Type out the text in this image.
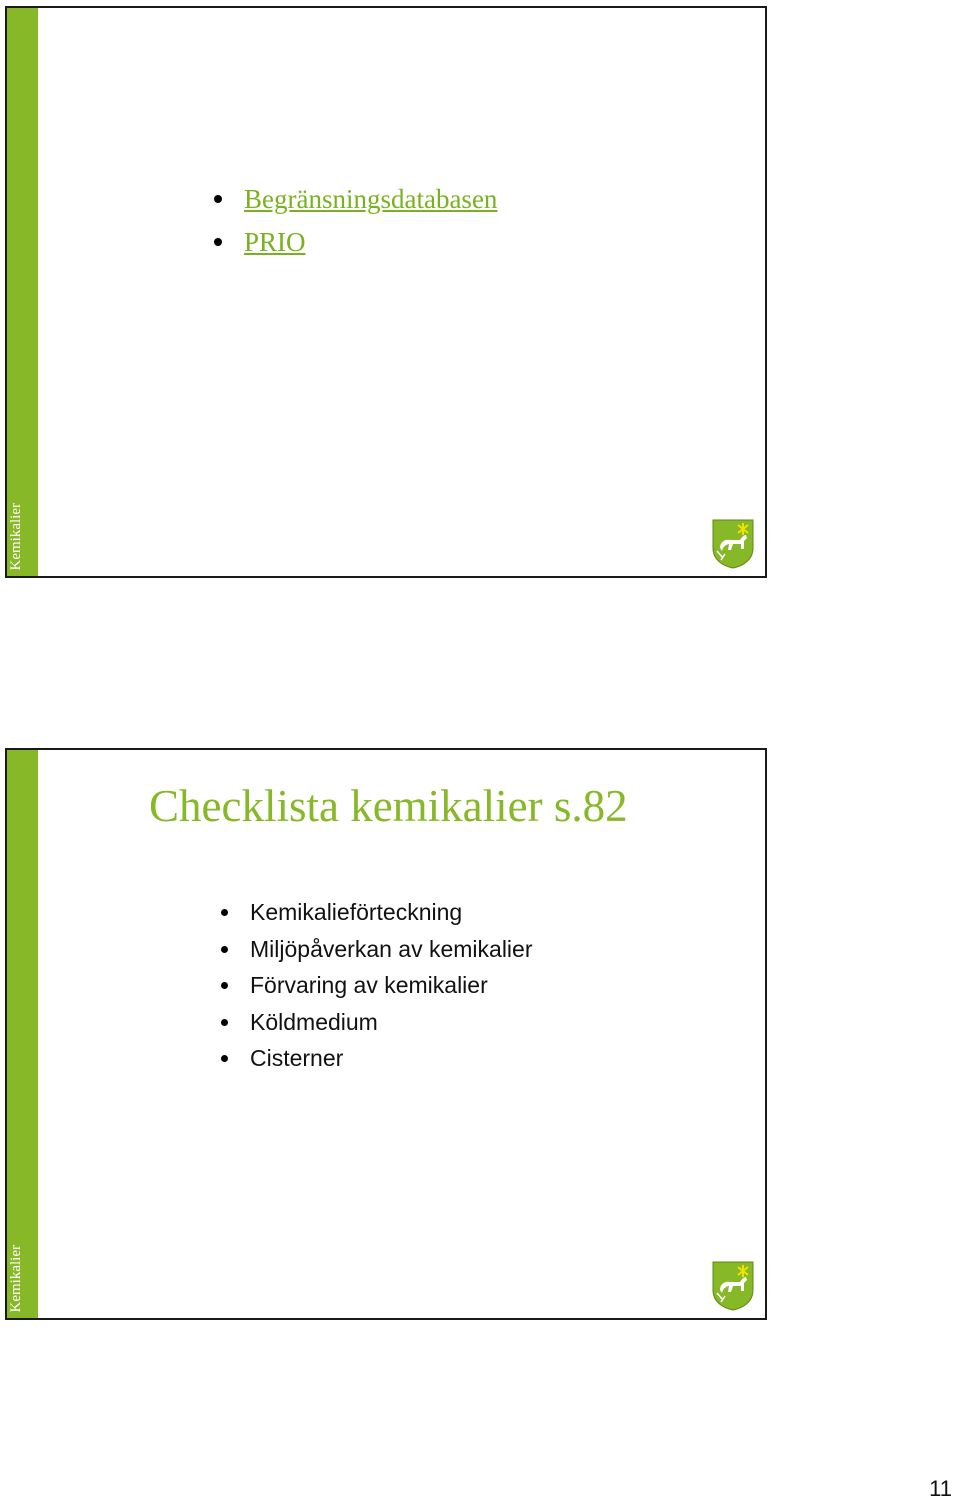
Kemikalier
Begränsningsdatabasen
PRIO
Kemikalier
Checklista kemikalier s.82
Kemikalieförteckning
Miljöpåverkan av kemikalier
Förvaring av kemikalier
Köldmedium
Cisterner
11
